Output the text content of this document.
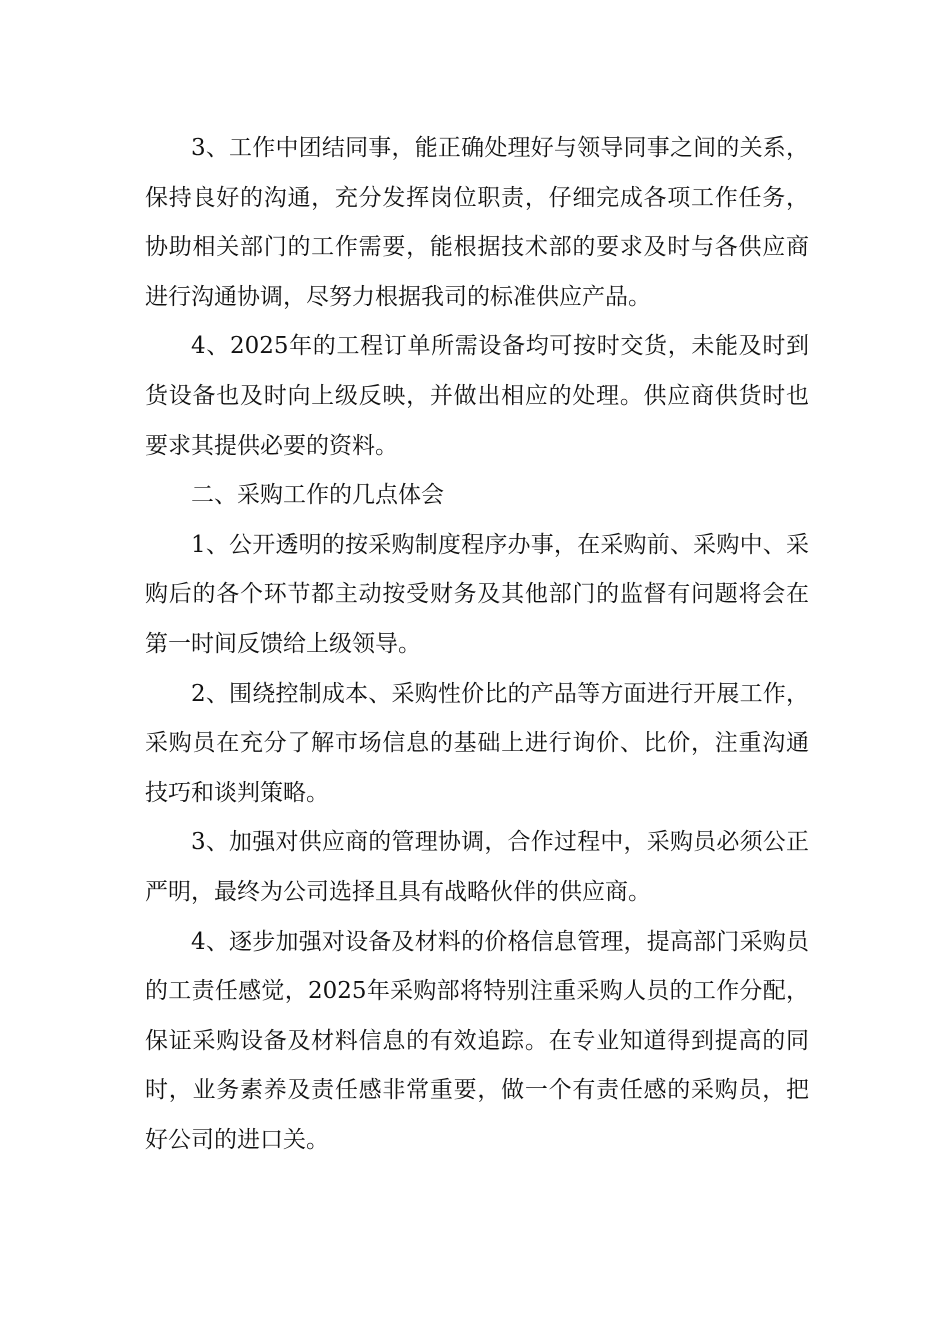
3、工作中团结同事，能正确处理好与领导同事之间的关系，保持良好的沟通，充分发挥岗位职责，仔细完成各项工作任务，协助相关部门的工作需要，能根据技术部的要求及时与各供应商进行沟通协调，尽努力根据我司的标准供应产品。

4、2025年的工程订单所需设备均可按时交货，未能及时到货设备也及时向上级反映，并做出相应的处理。供应商供货时也要求其提供必要的资料。

二、采购工作的几点体会

1、公开透明的按采购制度程序办事，在采购前、采购中、采购后的各个环节都主动按受财务及其他部门的监督有问题将会在第一时间反馈给上级领导。

2、围绕控制成本、采购性价比的产品等方面进行开展工作，采购员在充分了解市场信息的基础上进行询价、比价，注重沟通技巧和谈判策略。

3、加强对供应商的管理协调，合作过程中，采购员必须公正严明，最终为公司选择且具有战略伙伴的供应商。

4、逐步加强对设备及材料的价格信息管理，提高部门采购员的工责任感觉，2025年采购部将特别注重采购人员的工作分配，保证采购设备及材料信息的有效追踪。在专业知道得到提高的同时，业务素养及责任感非常重要，做一个有责任感的采购员，把好公司的进口关。
